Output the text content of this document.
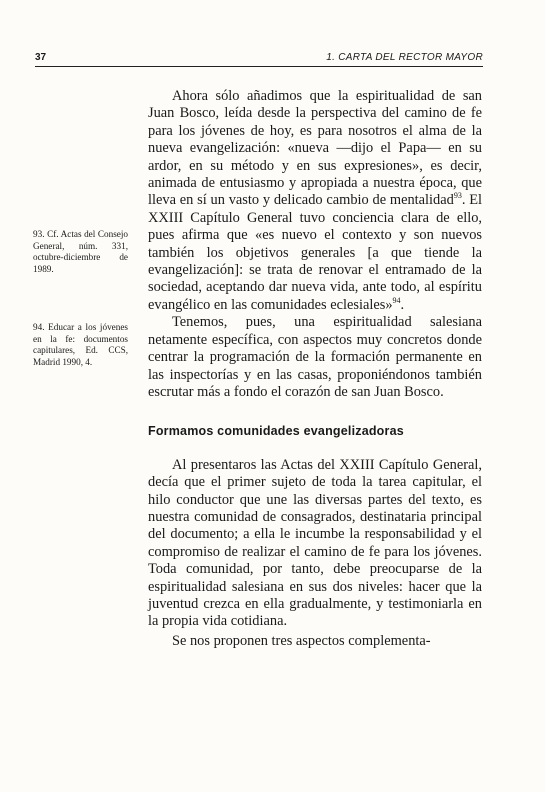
37	1. CARTA DEL RECTOR MAYOR

93. Cf. Actas del Consejo General, núm. 331, octubre-diciembre de 1989.

94. Educar a los jóvenes en la fe: documentos capitulares, Ed. CCS, Madrid 1990, 4.

Ahora sólo añadimos que la espiritualidad de san Juan Bosco, leída desde la perspectiva del camino de fe para los jóvenes de hoy, es para nosotros el alma de la nueva evangelización: «nueva —dijo el Papa— en su ardor, en su método y en sus expresiones», es decir, animada de entusiasmo y apropiada a nuestra época, que lleva en sí un vasto y delicado cambio de mentalidad$^{93}$. El XXIII Capítulo General tuvo conciencia clara de ello, pues afirma que «es nuevo el contexto y son nuevos también los objetivos generales [a que tiende la evangelización]: se trata de renovar el entramado de la sociedad, aceptando dar nueva vida, ante todo, al espíritu evangélico en las comunidades eclesiales»$^{94}$.

Tenemos, pues, una espiritualidad salesiana netamente específica, con aspectos muy concretos donde centrar la programación de la formación permanente en las inspectorías y en las casas, proponiéndonos también escrutar más a fondo el corazón de san Juan Bosco.

Formamos comunidades evangelizadoras

Al presentaros las Actas del XXIII Capítulo General, decía que el primer sujeto de toda la tarea capitular, el hilo conductor que une las diversas partes del texto, es nuestra comunidad de consagrados, destinataria principal del documento; a ella le incumbe la responsabilidad y el compromiso de realizar el camino de fe para los jóvenes. Toda comunidad, por tanto, debe preocuparse de la espiritualidad salesiana en sus dos niveles: hacer que la juventud crezca en ella gradualmente, y testimoniarla en la propia vida cotidiana.

Se nos proponen tres aspectos complementa-
